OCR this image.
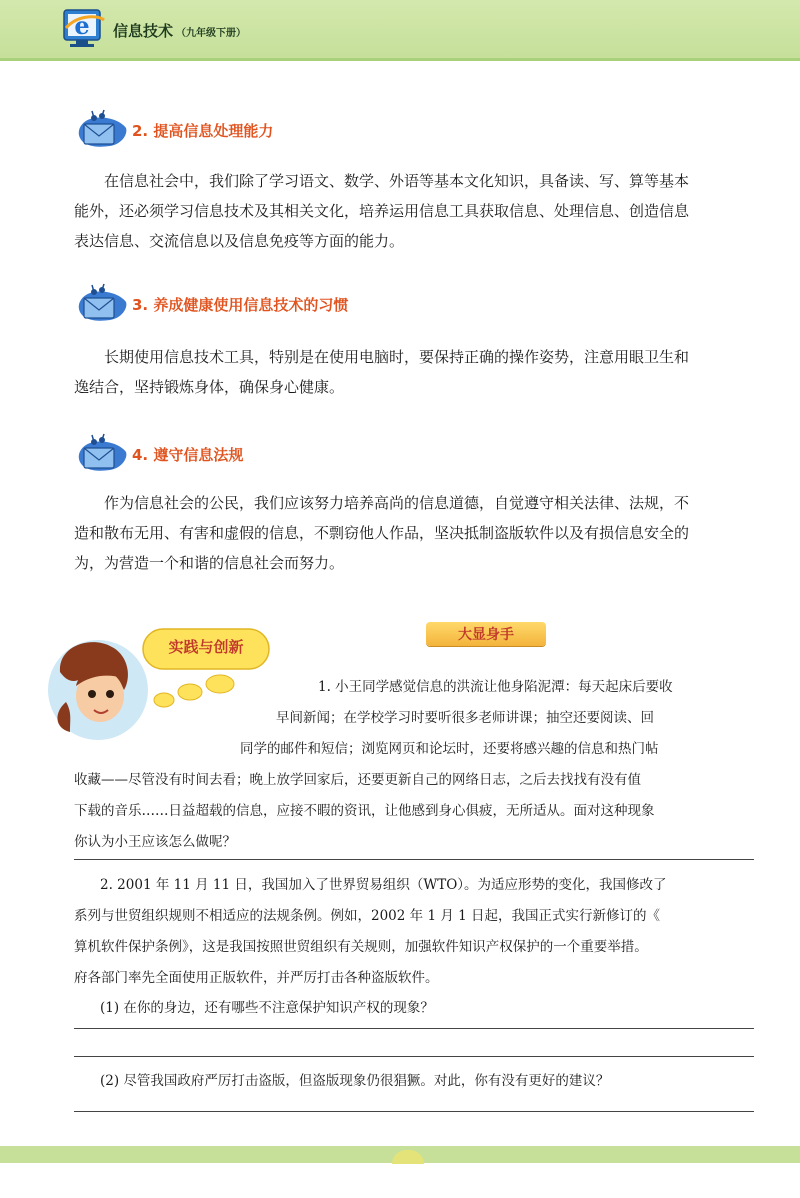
e 信息技术 （九年级下册）
2. 提高信息处理能力
在信息社会中，我们除了学习语文、数学、外语等基本文化知识，具备读、写、算等基本
能外，还必须学习信息技术及其相关文化，培养运用信息工具获取信息、处理信息、创造信息
表达信息、交流信息以及信息免疫等方面的能力。
3. 养成健康使用信息技术的习惯
长期使用信息技术工具，特别是在使用电脑时，要保持正确的操作姿势，注意用眼卫生和
逸结合，坚持锻炼身体，确保身心健康。
4. 遵守信息法规
作为信息社会的公民，我们应该努力培养高尚的信息道德，自觉遵守相关法律、法规，不
造和散布无用、有害和虚假的信息，不剽窃他人作品，坚决抵制盗版软件以及有损信息安全的
为，为营造一个和谐的信息社会而努力。
实践与创新
大显身手
1. 小王同学感觉信息的洪流让他身陷泥潭：每天起床后要收
早间新闻；在学校学习时要听很多老师讲课；抽空还要阅读、回
同学的邮件和短信；浏览网页和论坛时，还要将感兴趣的信息和热门帖
收藏——尽管没有时间去看；晚上放学回家后，还要更新自己的网络日志，之后去找找有没有值
下载的音乐……日益超载的信息，应接不暇的资讯，让他感到身心俱疲，无所适从。面对这种现象
你认为小王应该怎么做呢？
2. 2001 年 11 月 11 日，我国加入了世界贸易组织（WTO）。为适应形势的变化，我国修改了
系列与世贸组织规则不相适应的法规条例。例如，2002 年 1 月 1 日起，我国正式实行新修订的《
算机软件保护条例》，这是我国按照世贸组织有关规则，加强软件知识产权保护的一个重要举措。
府各部门率先全面使用正版软件，并严厉打击各种盗版软件。
(1) 在你的身边，还有哪些不注意保护知识产权的现象？
(2) 尽管我国政府严厉打击盗版，但盗版现象仍很猖獗。对此，你有没有更好的建议？
